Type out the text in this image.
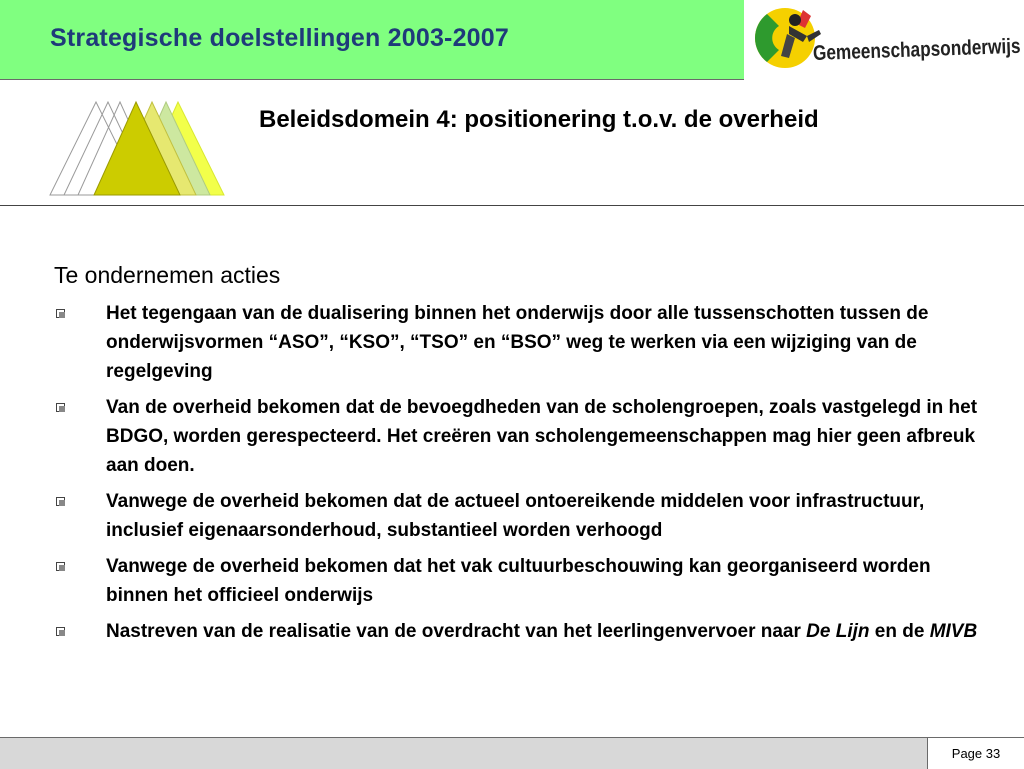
Strategische doelstellingen 2003-2007	Gemeenschapsonderwijs
Beleidsdomein 4: positionering t.o.v. de overheid
Te ondernemen acties
Het tegengaan van de dualisering binnen het onderwijs door alle tussenschotten tussen de onderwijsvormen “ASO”, “KSO”, “TSO” en “BSO” weg te werken via een wijziging van de regelgeving
Van de overheid bekomen dat de bevoegdheden van de scholengroepen, zoals vastgelegd in het BDGO, worden gerespecteerd. Het creëren van scholengemeenschappen mag hier geen afbreuk aan doen.
Vanwege de overheid bekomen dat de actueel ontoereikende middelen voor infrastructuur, inclusief eigenaarsonderhoud, substantieel worden verhoogd
Vanwege de overheid bekomen dat het vak cultuurbeschouwing kan georganiseerd worden binnen het officieel onderwijs
Nastreven van de realisatie van de overdracht van het leerlingenvervoer naar De Lijn en de MIVB
Page 33
